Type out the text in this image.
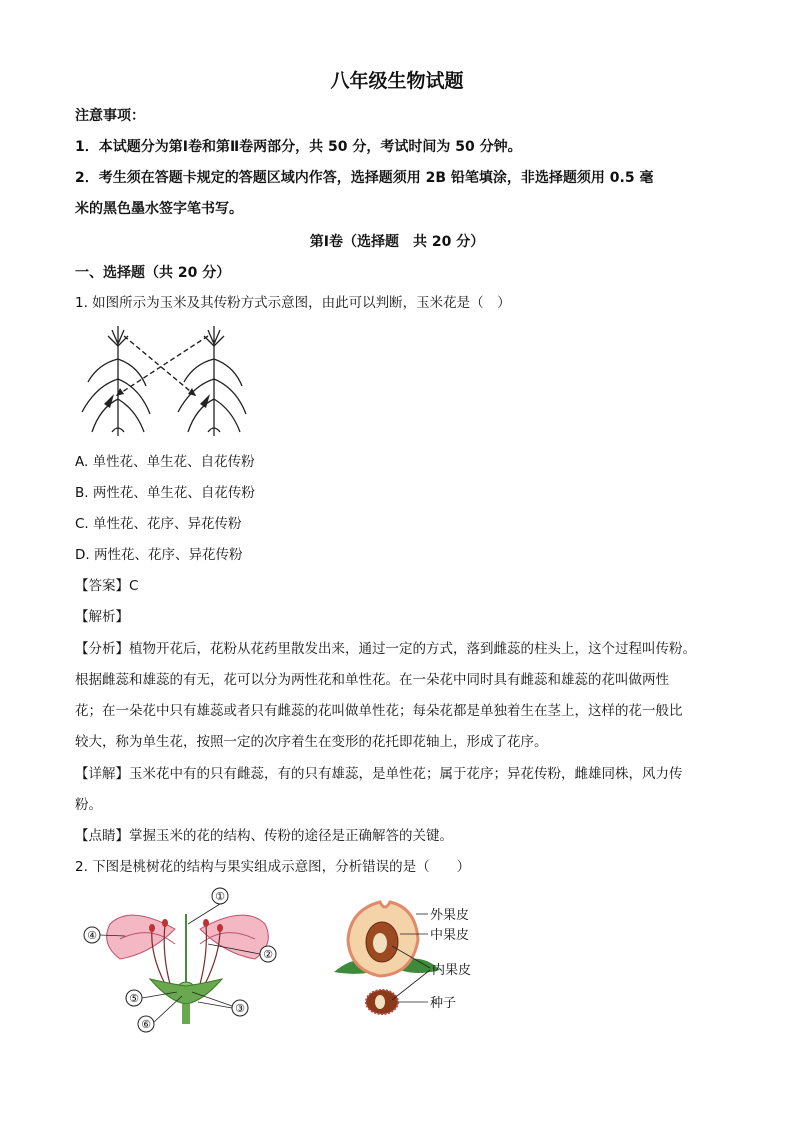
八年级生物试题
注意事项：
1．本试题分为第Ⅰ卷和第Ⅱ卷两部分，共 50 分，考试时间为 50 分钟。
2．考生须在答题卡规定的答题区域内作答，选择题须用 2B 铅笔填涂，非选择题须用 0.5 毫
米的黑色墨水签字笔书写。
第Ⅰ卷（选择题　共 20 分）
一、选择题（共 20 分）
1. 如图所示为玉米及其传粉方式示意图，由此可以判断，玉米花是（　）
A. 单性花、单生花、自花传粉
B. 两性花、单生花、自花传粉
C. 单性花、花序、异花传粉
D. 两性花、花序、异花传粉
【答案】C
【解析】
【分析】植物开花后，花粉从花药里散发出来，通过一定的方式，落到雌蕊的柱头上，这个过程叫传粉。
根据雌蕊和雄蕊的有无，花可以分为两性花和单性花。在一朵花中同时具有雌蕊和雄蕊的花叫做两性
花；在一朵花中只有雄蕊或者只有雌蕊的花叫做单性花；每朵花都是单独着生在茎上，这样的花一般比
较大，称为单生花，按照一定的次序着生在变形的花托即花轴上，形成了花序。
【详解】玉米花中有的只有雌蕊，有的只有雄蕊，是单性花；属于花序；异花传粉，雌雄同株，风力传
粉。
【点睛】掌握玉米的花的结构、传粉的途径是正确解答的关键。
2. 下图是桃树花的结构与果实组成示意图，分析错误的是（　　）
①
②
③
④
⑤
⑥
外果皮
中果皮
内果皮
种子
